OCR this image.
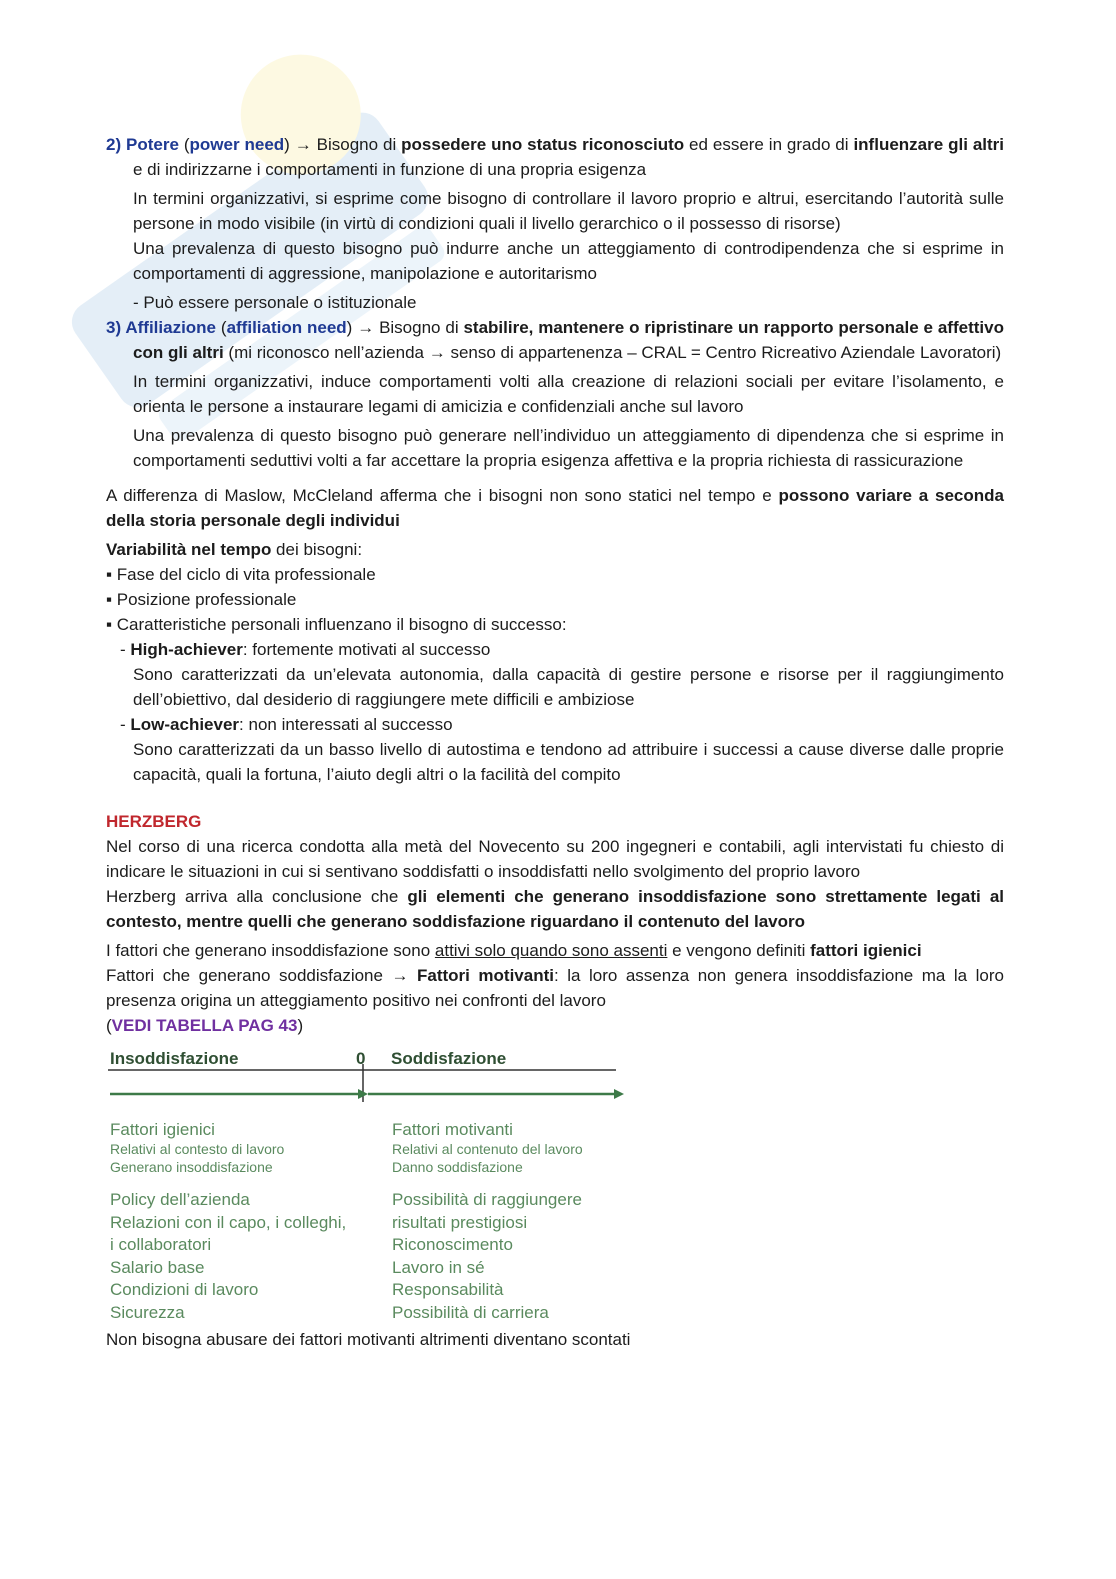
2) Potere (power need) → Bisogno di possedere uno status riconosciuto ed essere in grado di influenzare gli altri e di indirizzarne i comportamenti in funzione di una propria esigenza

In termini organizzativi, si esprime come bisogno di controllare il lavoro proprio e altrui, esercitando l’autorità sulle persone in modo visibile (in virtù di condizioni quali il livello gerarchico o il possesso di risorse)

Una prevalenza di questo bisogno può indurre anche un atteggiamento di controdipendenza che si esprime in comportamenti di aggressione, manipolazione e autoritarismo

- Può essere personale o istituzionale

3) Affiliazione (affiliation need) → Bisogno di stabilire, mantenere o ripristinare un rapporto personale e affettivo con gli altri (mi riconosco nell’azienda → senso di appartenenza – CRAL = Centro Ricreativo Aziendale Lavoratori)

In termini organizzativi, induce comportamenti volti alla creazione di relazioni sociali per evitare l’isolamento, e orienta le persone a instaurare legami di amicizia e confidenziali anche sul lavoro

Una prevalenza di questo bisogno può generare nell’individuo un atteggiamento di dipendenza che si esprime in comportamenti seduttivi volti a far accettare la propria esigenza affettiva e la propria richiesta di rassicurazione

A differenza di Maslow, McCleland afferma che i bisogni non sono statici nel tempo e possono variare a seconda della storia personale degli individui

Variabilità nel tempo dei bisogni:

▪ Fase del ciclo di vita professionale

▪ Posizione professionale

▪ Caratteristiche personali influenzano il bisogno di successo:

- High-achiever: fortemente motivati al successo

Sono caratterizzati da un’elevata autonomia, dalla capacità di gestire persone e risorse per il raggiungimento dell’obiettivo, dal desiderio di raggiungere mete difficili e ambiziose

- Low-achiever: non interessati al successo

Sono caratterizzati da un basso livello di autostima e tendono ad attribuire i successi a cause diverse dalle proprie capacità, quali la fortuna, l’aiuto degli altri o la facilità del compito

HERZBERG

Nel corso di una ricerca condotta alla metà del Novecento su 200 ingegneri e contabili, agli intervistati fu chiesto di indicare le situazioni in cui si sentivano soddisfatti o insoddisfatti nello svolgimento del proprio lavoro

Herzberg arriva alla conclusione che gli elementi che generano insoddisfazione sono strettamente legati al contesto, mentre quelli che generano soddisfazione riguardano il contenuto del lavoro

I fattori che generano insoddisfazione sono attivi solo quando sono assenti e vengono definiti fattori igienici

Fattori che generano soddisfazione → Fattori motivanti: la loro assenza non genera insoddisfazione ma la loro presenza origina un atteggiamento positivo nei confronti del lavoro

(VEDI TABELLA PAG 43)

Insoddisfazione	0 Soddisfazione
Fattori igienici
Relativi al contesto di lavoro
Generano insoddisfazione
Policy dell’azienda
Relazioni con il capo, i colleghi,
i collaboratori
Salario base
Condizioni di lavoro
Sicurezza
Fattori motivanti
Relativi al contenuto del lavoro
Danno soddisfazione
Possibilità di raggiungere
risultati prestigiosi
Riconoscimento
Lavoro in sé
Responsabilità
Possibilità di carriera

Non bisogna abusare dei fattori motivanti altrimenti diventano scontati
